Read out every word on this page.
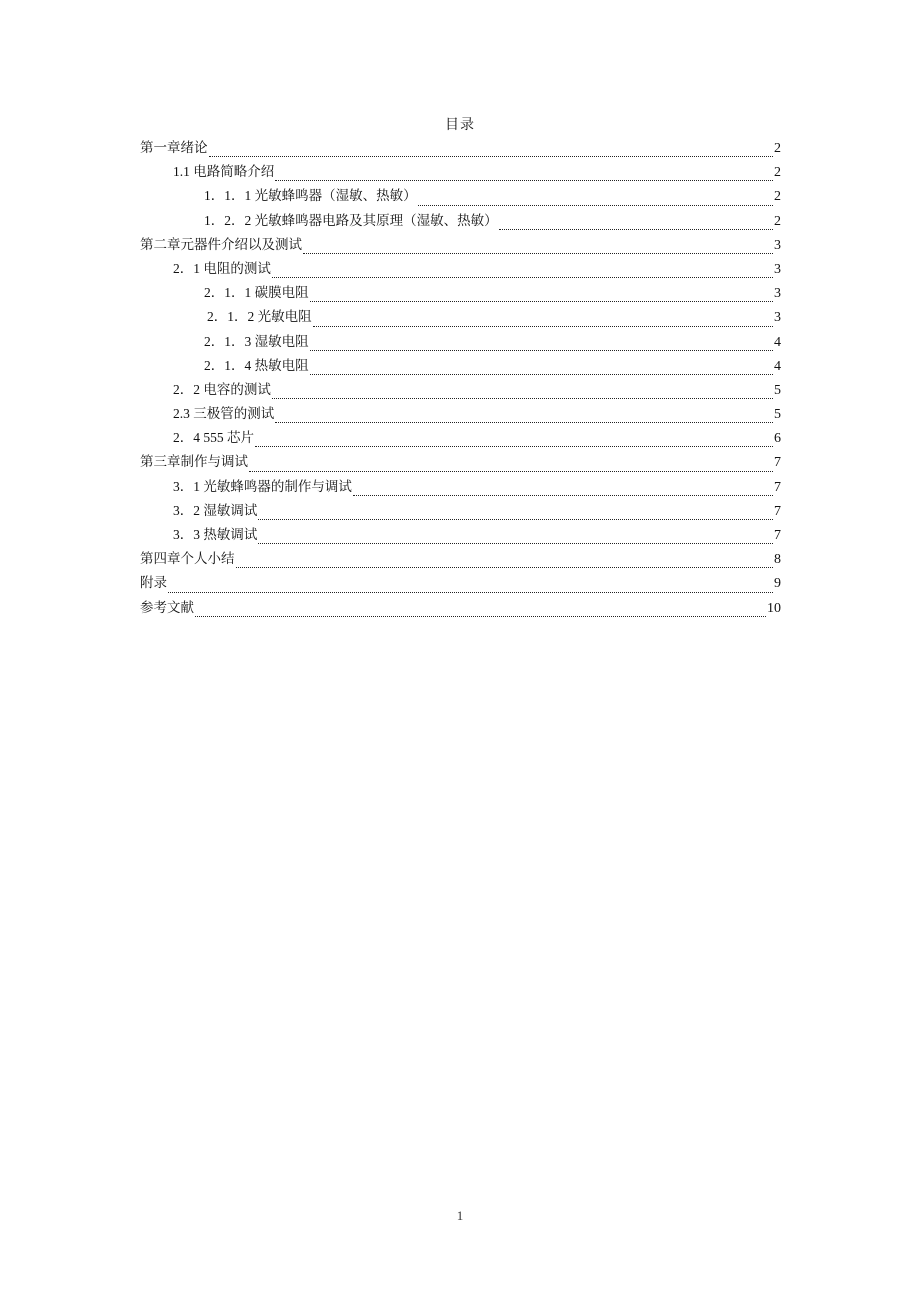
目录
第一章绪论	2
1.1 电路简略介绍	2
1．1．1 光敏蜂鸣器（湿敏、热敏）	2
1．2．2 光敏蜂鸣器电路及其原理（湿敏、热敏）	2
第二章元器件介绍以及测试	3
2．1 电阻的测试	3
2．1．1 碳膜电阻	3
2．1．2 光敏电阻	3
2．1．3 湿敏电阻	4
2．1．4 热敏电阻	4
2．2 电容的测试	5
2.3 三极管的测试	5
2．4 555 芯片	6
第三章制作与调试	7
3．1 光敏蜂鸣器的制作与调试	7
3．2 湿敏调试	7
3．3 热敏调试	7
第四章个人小结	8
附录	9
参考文献	10
1
